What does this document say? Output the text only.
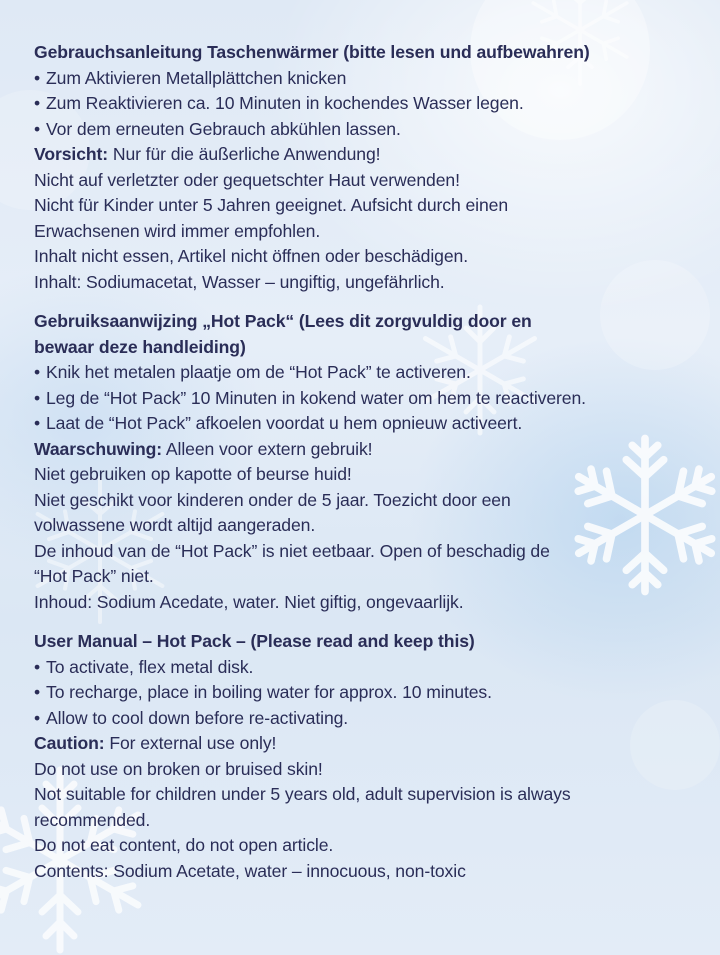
Gebrauchsanleitung Taschenwärmer (bitte lesen und aufbewahren)
• Zum Aktivieren Metallplättchen knicken
• Zum Reaktivieren ca. 10 Minuten in kochendes Wasser legen.
• Vor dem erneuten Gebrauch abkühlen lassen.
Vorsicht: Nur für die äußerliche Anwendung!
Nicht auf verletzter oder gequetschter Haut verwenden!
Nicht für Kinder unter 5 Jahren geeignet. Aufsicht durch einen
Erwachsenen wird immer empfohlen.
Inhalt nicht essen, Artikel nicht öffnen oder beschädigen.
Inhalt: Sodiumacetat, Wasser – ungiftig, ungefährlich.
Gebruiksaanwijzing „Hot Pack“ (Lees dit zorgvuldig door en
bewaar deze handleiding)
• Knik het metalen plaatje om de “Hot Pack” te activeren.
• Leg de “Hot Pack” 10 Minuten in kokend water om hem te reactiveren.
• Laat de “Hot Pack” afkoelen voordat u hem opnieuw activeert.
Waarschuwing: Alleen voor extern gebruik!
Niet gebruiken op kapotte of beurse huid!
Niet geschikt voor kinderen onder de 5 jaar. Toezicht door een
volwassene wordt altijd aangeraden.
De inhoud van de “Hot Pack” is niet eetbaar. Open of beschadig de
“Hot Pack” niet.
Inhoud: Sodium Acedate, water. Niet giftig, ongevaarlijk.
User Manual – Hot Pack – (Please read and keep this)
• To activate, flex metal disk.
• To recharge, place in boiling water for approx. 10 minutes.
• Allow to cool down before re-activating.
Caution: For external use only!
Do not use on broken or bruised skin!
Not suitable for children under 5 years old, adult supervision is always
recommended.
Do not eat content, do not open article.
Contents: Sodium Acetate, water – innocuous, non-toxic
